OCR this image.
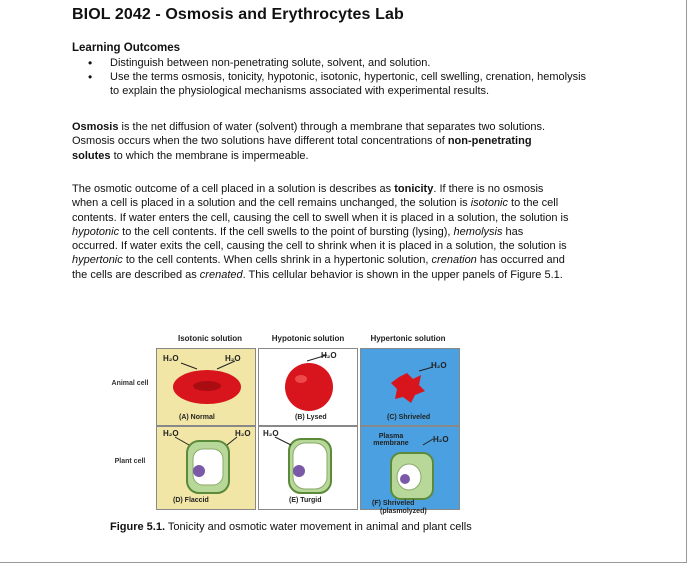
BIOL 2042 - Osmosis and Erythrocytes Lab
Learning Outcomes
• Distinguish between non-penetrating solute, solvent, and solution.
• Use the terms osmosis, tonicity, hypotonic, isotonic, hypertonic, cell swelling, crenation, hemolysis to explain the physiological mechanisms associated with experimental results.

Osmosis is the net diffusion of water (solvent) through a membrane that separates two solutions. Osmosis occurs when the two solutions have different total concentrations of non-penetrating solutes to which the membrane is impermeable.

The osmotic outcome of a cell placed in a solution is describes as tonicity. If there is no osmosis when a cell is placed in a solution and the cell remains unchanged, the solution is isotonic to the cell contents. If water enters the cell, causing the cell to swell when it is placed in a solution, the solution is hypotonic to the cell contents. If the cell swells to the point of bursting (lysing), hemolysis has occurred. If water exits the cell, causing the cell to shrink when it is placed in a solution, the solution is hypertonic to the cell contents. When cells shrink in a hypertonic solution, crenation has occurred and the cells are described as crenated. This cellular behavior is shown in the upper panels of Figure 5.1.

Isotonic solution	Hypotonic solution	Hypertonic solution
Animal cell
Plant cell
H₂O	H₂O
(A) Normal
H₂O
(B) Lysed
H₂O
(C) Shriveled
H₂O	H₂O
(D) Flaccid
H₂O
(E) Turgid
Plasma membrane	H₂O
(F) Shriveled
(plasmolyzed)
Figure 5.1. Tonicity and osmotic water movement in animal and plant cells
